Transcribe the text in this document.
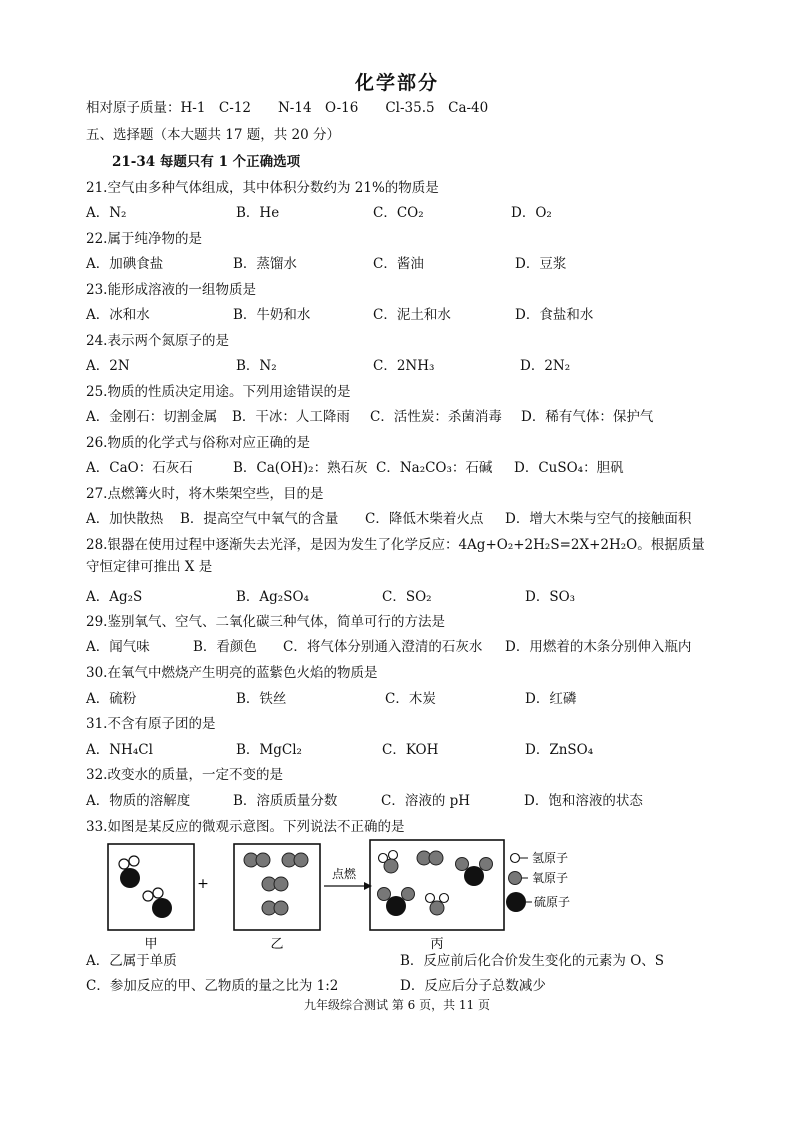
化学部分
相对原子质量：H-1　C-12　　N-14　O-16　　Cl-35.5　Ca-40
五、选择题（本大题共 17 题，共 20 分）
21-34 每题只有 1 个正确选项
21.空气由多种气体组成，其中体积分数约为 21%的物质是
A．N₂	B．He	C．CO₂	D．O₂
22.属于纯净物的是
A．加碘食盐	B．蒸馏水	C．酱油	D．豆浆
23.能形成溶液的一组物质是
A．冰和水	B．牛奶和水	C．泥土和水	D．食盐和水
24.表示两个氮原子的是
A．2N	B．N₂	C．2NH₃	D．2N₂
25.物质的性质决定用途。下列用途错误的是
A．金刚石：切割金属 B．干冰：人工降雨 C．活性炭：杀菌消毒 D．稀有气体：保护气
26.物质的化学式与俗称对应正确的是
A．CaO：石灰石	B．Ca(OH)₂：熟石灰 C．Na₂CO₃：石碱 D．CuSO₄：胆矾
27.点燃篝火时，将木柴架空些，目的是
A．加快散热 B．提高空气中氧气的含量 C．降低木柴着火点 D．增大木柴与空气的接触面积
28.银器在使用过程中逐渐失去光泽，是因为发生了化学反应：4Ag+O₂+2H₂S=2X+2H₂O。根据质量守恒定律可推出 X 是
A．Ag₂S	B．Ag₂SO₄	C．SO₂	D．SO₃
29.鉴别氧气、空气、二氧化碳三种气体，简单可行的方法是
A．闻气味	B．看颜色 C．将气体分别通入澄清的石灰水 D．用燃着的木条分别伸入瓶内
30.在氧气中燃烧产生明亮的蓝紫色火焰的物质是
A．硫粉	B．铁丝	C．木炭	D．红磷
31.不含有原子团的是
A．NH₄Cl	B．MgCl₂	C．KOH	D．ZnSO₄
32.改变水的质量，一定不变的是
A．物质的溶解度	B．溶质质量分数	C．溶液的 pH	D．饱和溶液的状态
33.如图是某反应的微观示意图。下列说法不正确的是
+
点燃
氢原子
氧原子
硫原子
甲	乙	丙
A．乙属于单质	B．反应前后化合价发生变化的元素为 O、S
C．参加反应的甲、乙物质的量之比为 1:2	D．反应后分子总数减少
九年级综合测试 第 6 页，共 11 页
